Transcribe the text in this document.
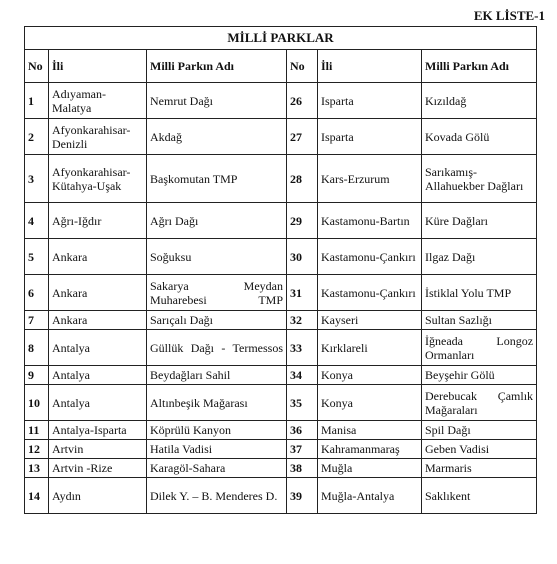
EK LİSTE-1
MİLLİ PARKLAR					
No	İli	Milli Parkın Adı	No	İli	Milli Parkın Adı
1	Adıyaman-Malatya	Nemrut Dağı	26	Isparta	Kızıldağ
2	Afyonkarahisar-Denizli	Akdağ	27	Isparta	Kovada Gölü
3	Afyonkarahisar-Kütahya-Uşak	Başkomutan TMP	28	Kars-Erzurum	Sarıkamış-Allahuekber Dağları
4	Ağrı-Iğdır	Ağrı Dağı	29	Kastamonu-Bartın	Küre Dağları
5	Ankara	Soğuksu	30	Kastamonu-Çankırı	Ilgaz Dağı
6	Ankara	Sakarya Meydan Muharebesi TMP	31	Kastamonu-Çankırı	İstiklal Yolu TMP
7	Ankara	Sarıçalı Dağı	32	Kayseri	Sultan Sazlığı
8	Antalya	Güllük Dağı - Termessos	33	Kırklareli	İğneada Longoz Ormanları
9	Antalya	Beydağları Sahil	34	Konya	Beyşehir Gölü
10	Antalya	Altınbeşik Mağarası	35	Konya	Derebucak Çamlık Mağaraları
11	Antalya-Isparta	Köprülü Kanyon	36	Manisa	Spil Dağı
12	Artvin	Hatila Vadisi	37	Kahramanmaraş	Geben Vadisi
13	Artvin -Rize	Karagöl-Sahara	38	Muğla	Marmaris
14	Aydın	Dilek Y. – B. Menderes D.	39	Muğla-Antalya	Saklıkent
